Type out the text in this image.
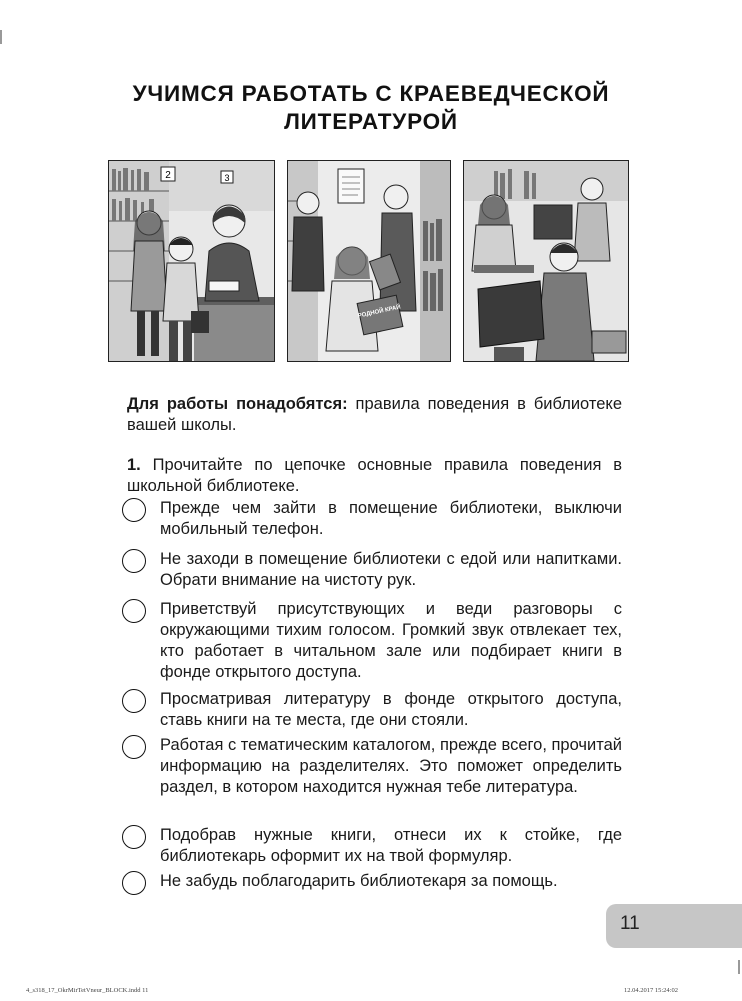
УЧИМСЯ РАБОТАТЬ С КРАЕВЕДЧЕСКОЙ
ЛИТЕРАТУРОЙ
2	3
РОДНОЙ КРАЙ
Для работы понадобятся: правила поведения в библиотеке вашей школы.
1. Прочитайте по цепочке основные правила поведения в школьной библиотеке.
Прежде чем зайти в помещение библиотеки, выключи мобильный телефон.
Не заходи в помещение библиотеки с едой или напитками. Обрати внимание на чистоту рук.
Приветствуй присутствующих и веди разговоры с окружающими тихим голосом. Громкий звук отвлекает тех, кто работает в читальном зале или подбирает книги в фонде открытого доступа.
Просматривая литературу в фонде открытого доступа, ставь книги на те места, где они стояли.
Работая с тематическим каталогом, прежде всего, прочитай информацию на разделителях. Это поможет определить раздел, в котором находится нужная тебе литература.
Подобрав нужные книги, отнеси их к стойке, где библиотекарь оформит их на твой формуляр.
Не забудь поблагодарить библиотекаря за помощь.
11
4_s318_17_OkrMirTetVneur_BLOCK.indd 11	12.04.2017 15:24:02
